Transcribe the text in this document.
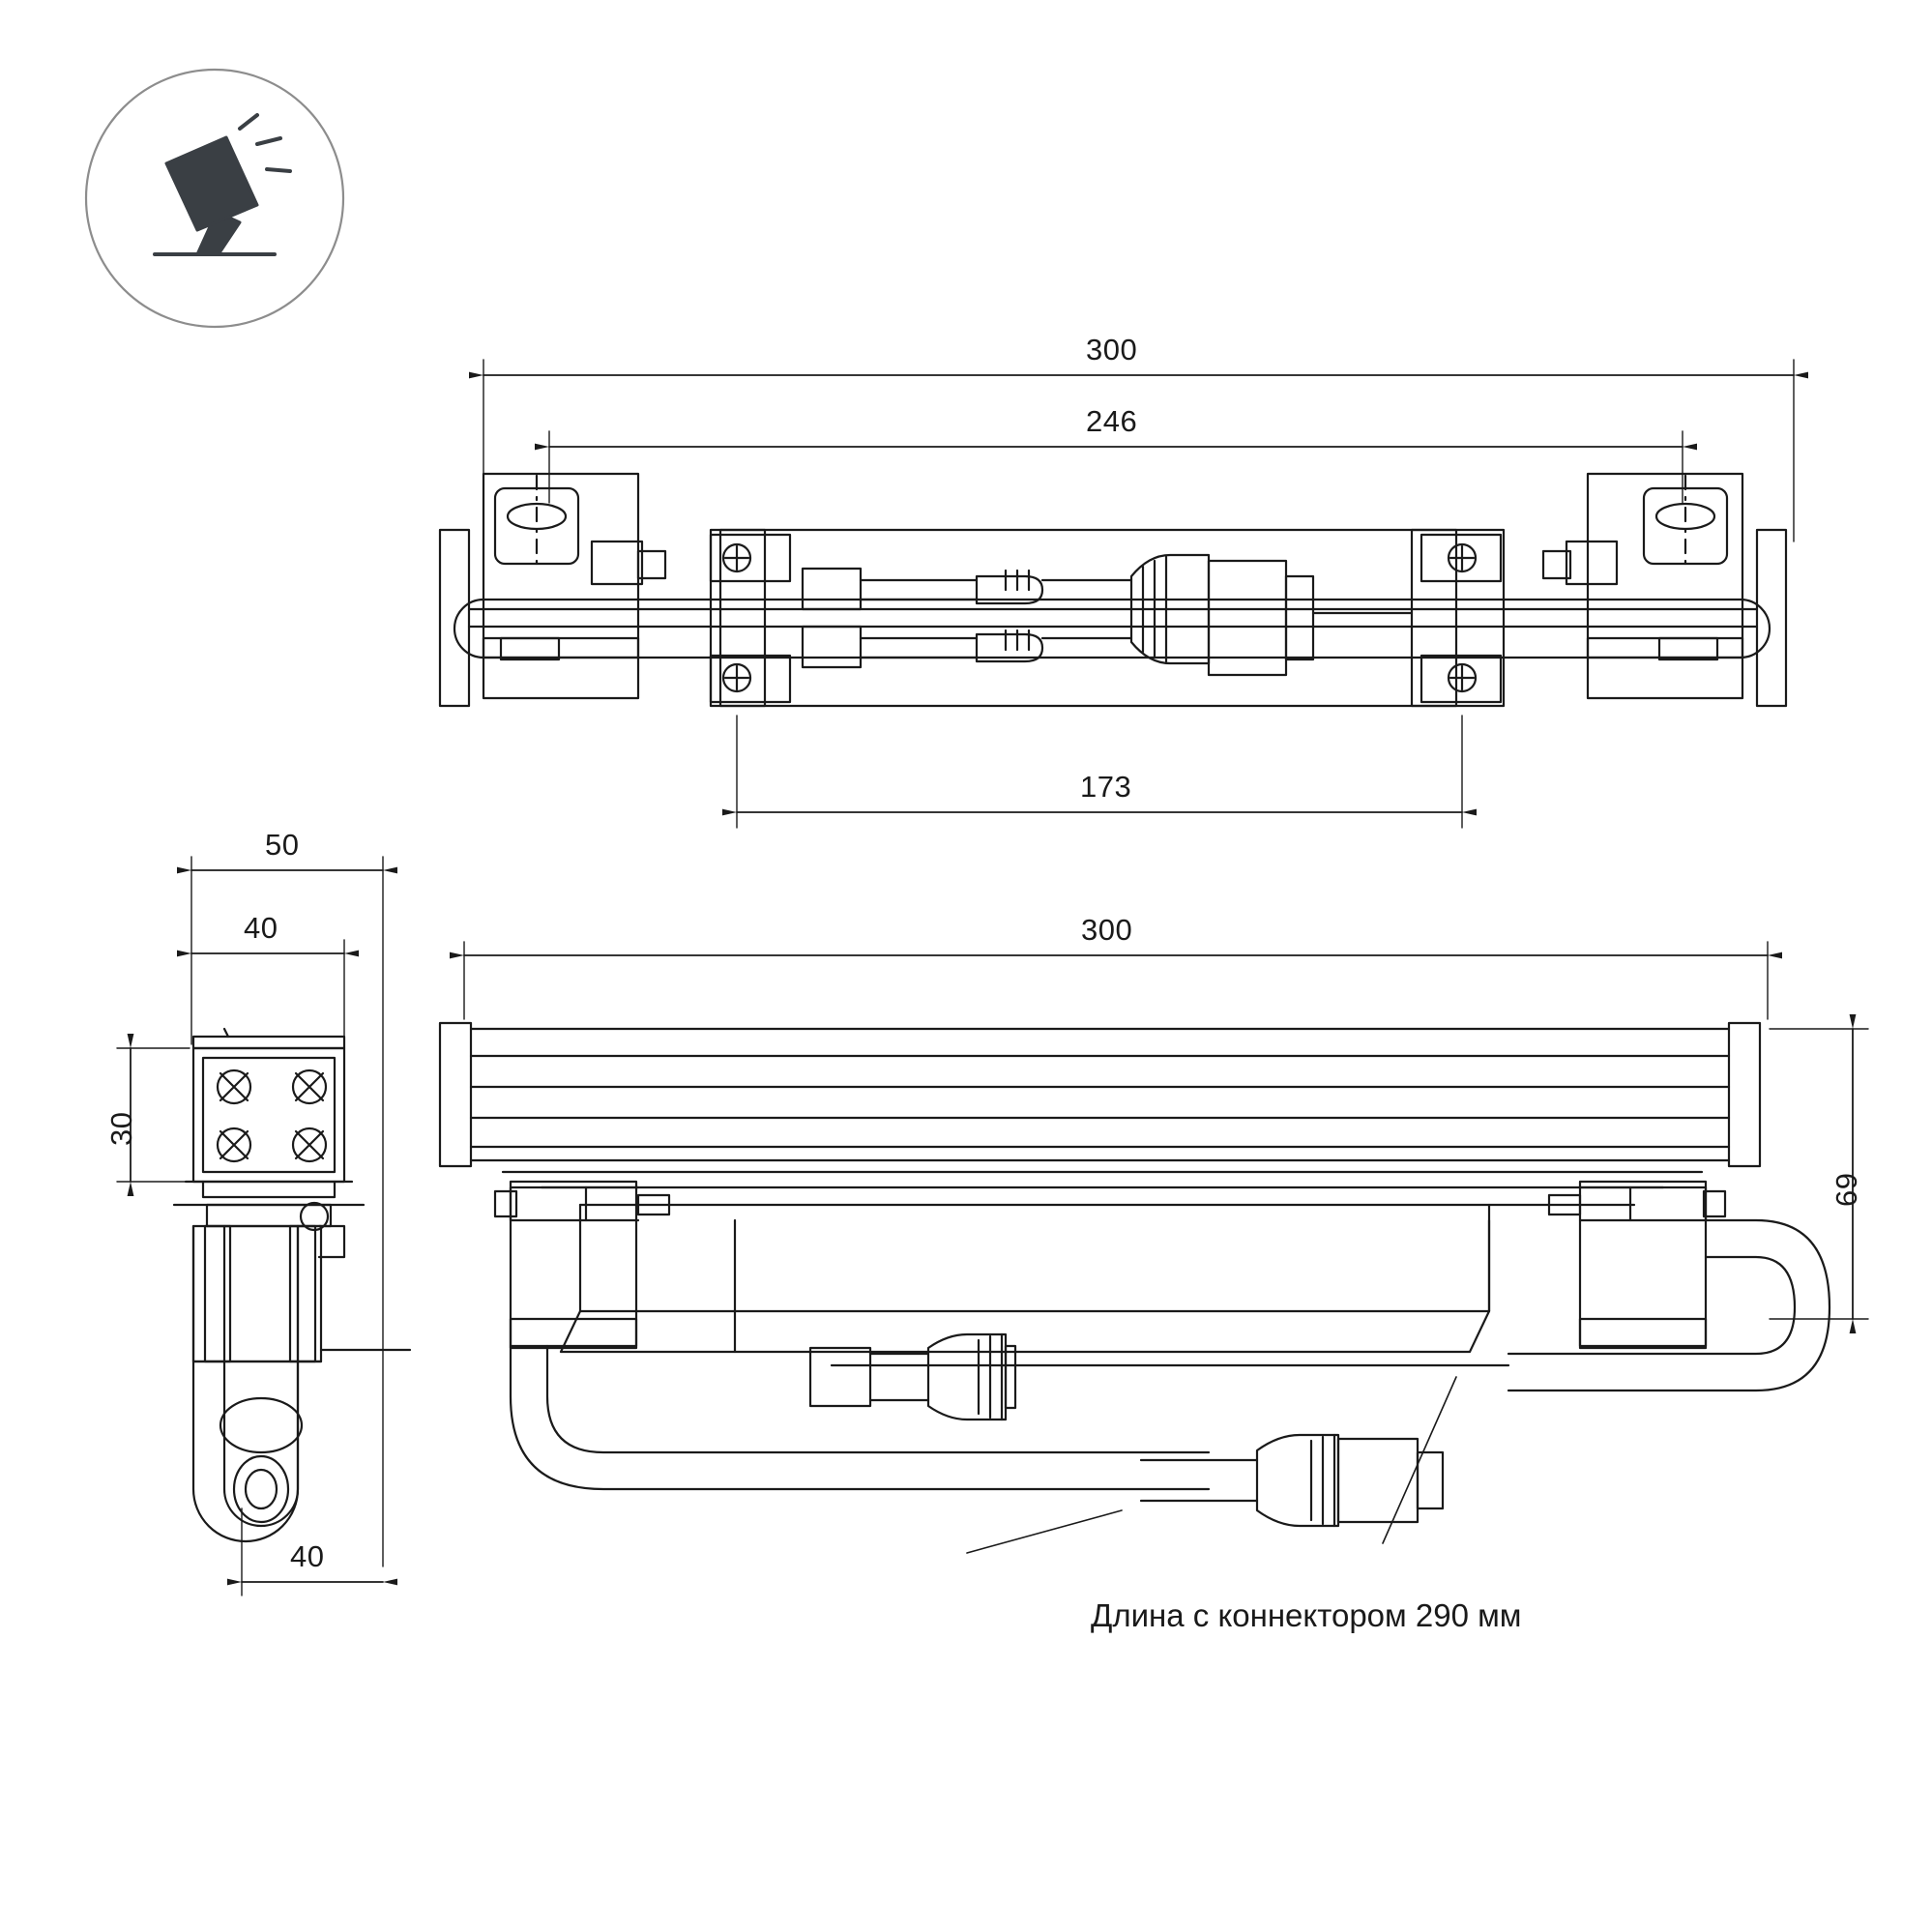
300
246
173
50
40
30
40
300
69
Длина с коннектором 290 мм
